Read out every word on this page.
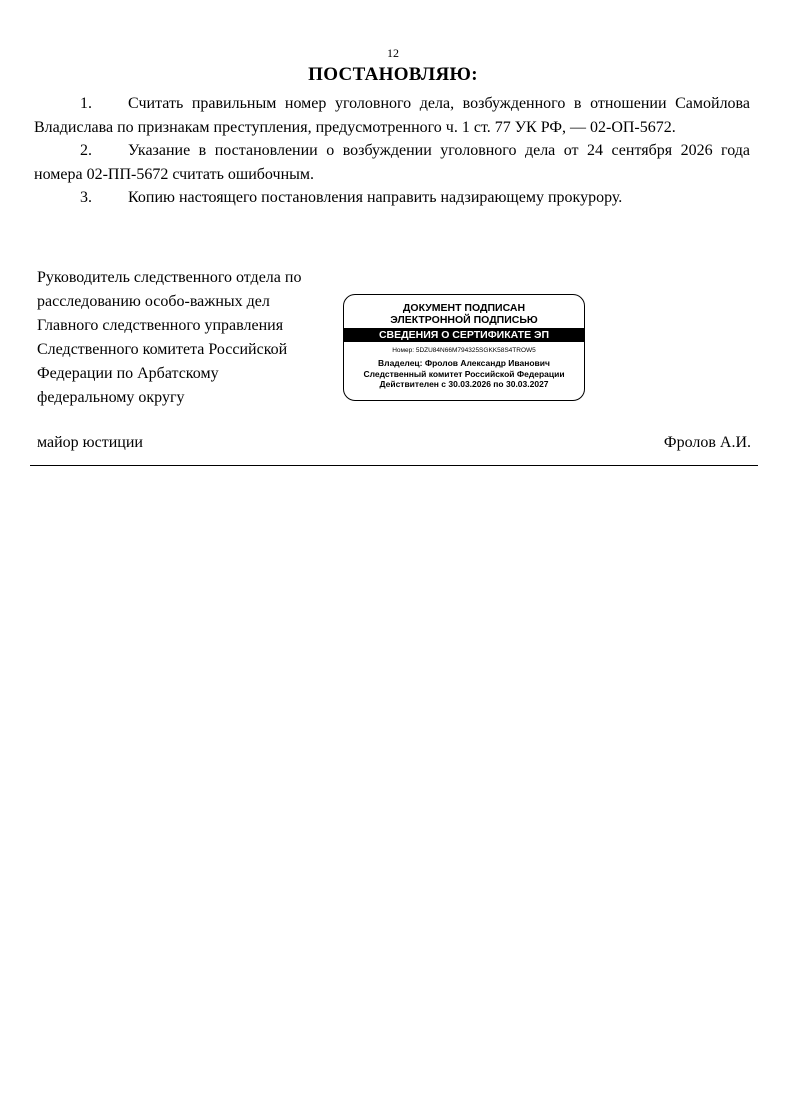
12
ПОСТАНОВЛЯЮ:

1. Считать правильным номер уголовного дела, возбужденного в отношении Самойлова Владислава по признакам преступления, предусмотренного ч. 1 ст. 77 УК РФ, — 02-ОП-5672.

2. Указание в постановлении о возбуждении уголовного дела от 24 сентября 2026 года номера 02-ПП-5672 считать ошибочным.

3. Копию настоящего постановления направить надзирающему прокурору.

Руководитель следственного отдела по
расследованию особо-важных дел
Главного следственного управления
Следственного комитета Российской
Федерации по Арбатскому
федеральному округу
ДОКУМЕНТ ПОДПИСАН
ЭЛЕКТРОННОЙ ПОДПИСЬЮ
СВЕДЕНИЯ О СЕРТИФИКАТЕ ЭП
Номер: 5DZU84N66M794325SGKK58S4TROW5
Владелец: Фролов Александр Иванович
Следственный комитет Российской Федерации
Действителен с 30.03.2026 по 30.03.2027
майор юстиции	Фролов А.И.
